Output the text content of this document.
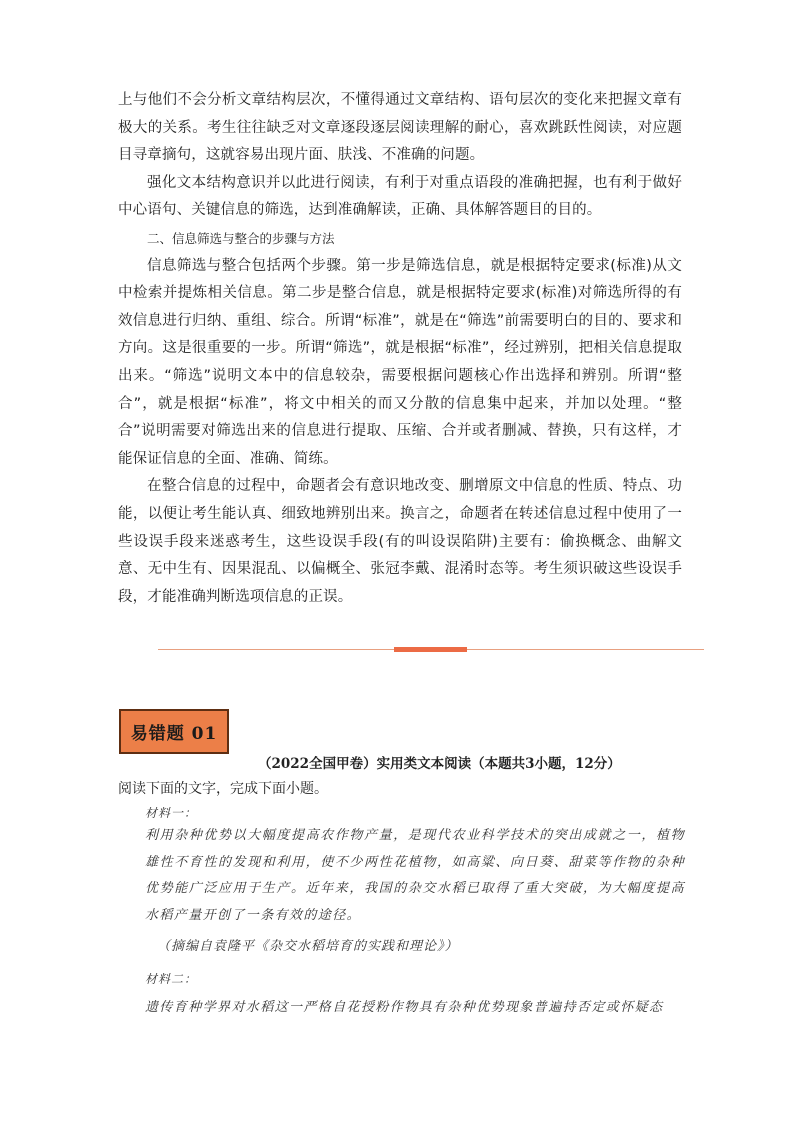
上与他们不会分析文章结构层次，不懂得通过文章结构、语句层次的变化来把握文章有极大的关系。考生往往缺乏对文章逐段逐层阅读理解的耐心，喜欢跳跃性阅读，对应题目寻章摘句，这就容易出现片面、肤浅、不准确的问题。

强化文本结构意识并以此进行阅读，有利于对重点语段的准确把握，也有利于做好中心语句、关键信息的筛选，达到准确解读，正确、具体解答题目的目的。

二、信息筛选与整合的步骤与方法

信息筛选与整合包括两个步骤。第一步是筛选信息，就是根据特定要求(标准)从文中检索并提炼相关信息。第二步是整合信息，就是根据特定要求(标准)对筛选所得的有效信息进行归纳、重组、综合。所谓“标准”，就是在“筛选”前需要明白的目的、要求和方向。这是很重要的一步。所谓“筛选”，就是根据“标准”，经过辨别，把相关信息提取出来。“筛选”说明文本中的信息较杂，需要根据问题核心作出选择和辨别。所谓“整合”，就是根据“标准”，将文中相关的而又分散的信息集中起来，并加以处理。“整合”说明需要对筛选出来的信息进行提取、压缩、合并或者删减、替换，只有这样，才能保证信息的全面、准确、简练。

在整合信息的过程中，命题者会有意识地改变、删增原文中信息的性质、特点、功能，以便让考生能认真、细致地辨别出来。换言之，命题者在转述信息过程中使用了一些设误手段来迷惑考生，这些设误手段(有的叫设误陷阱)主要有：偷换概念、曲解文意、无中生有、因果混乱、以偏概全、张冠李戴、混淆时态等。考生须识破这些设误手段，才能准确判断选项信息的正误。

易错题 01
（2022全国甲卷）实用类文本阅读（本题共3小题，12分）
阅读下面的文字，完成下面小题。

材料一：

利用杂种优势以大幅度提高农作物产量，是现代农业科学技术的突出成就之一，植物雄性不育性的发现和利用，使不少两性花植物，如高粱、向日葵、甜菜等作物的杂种优势能广泛应用于生产。近年来，我国的杂交水稻已取得了重大突破，为大幅度提高水稻产量开创了一条有效的途径。

（摘编自袁隆平《杂交水稻培育的实践和理论》）

材料二：

遗传育种学界对水稻这一严格自花授粉作物具有杂种优势现象普遍持否定或怀疑态
